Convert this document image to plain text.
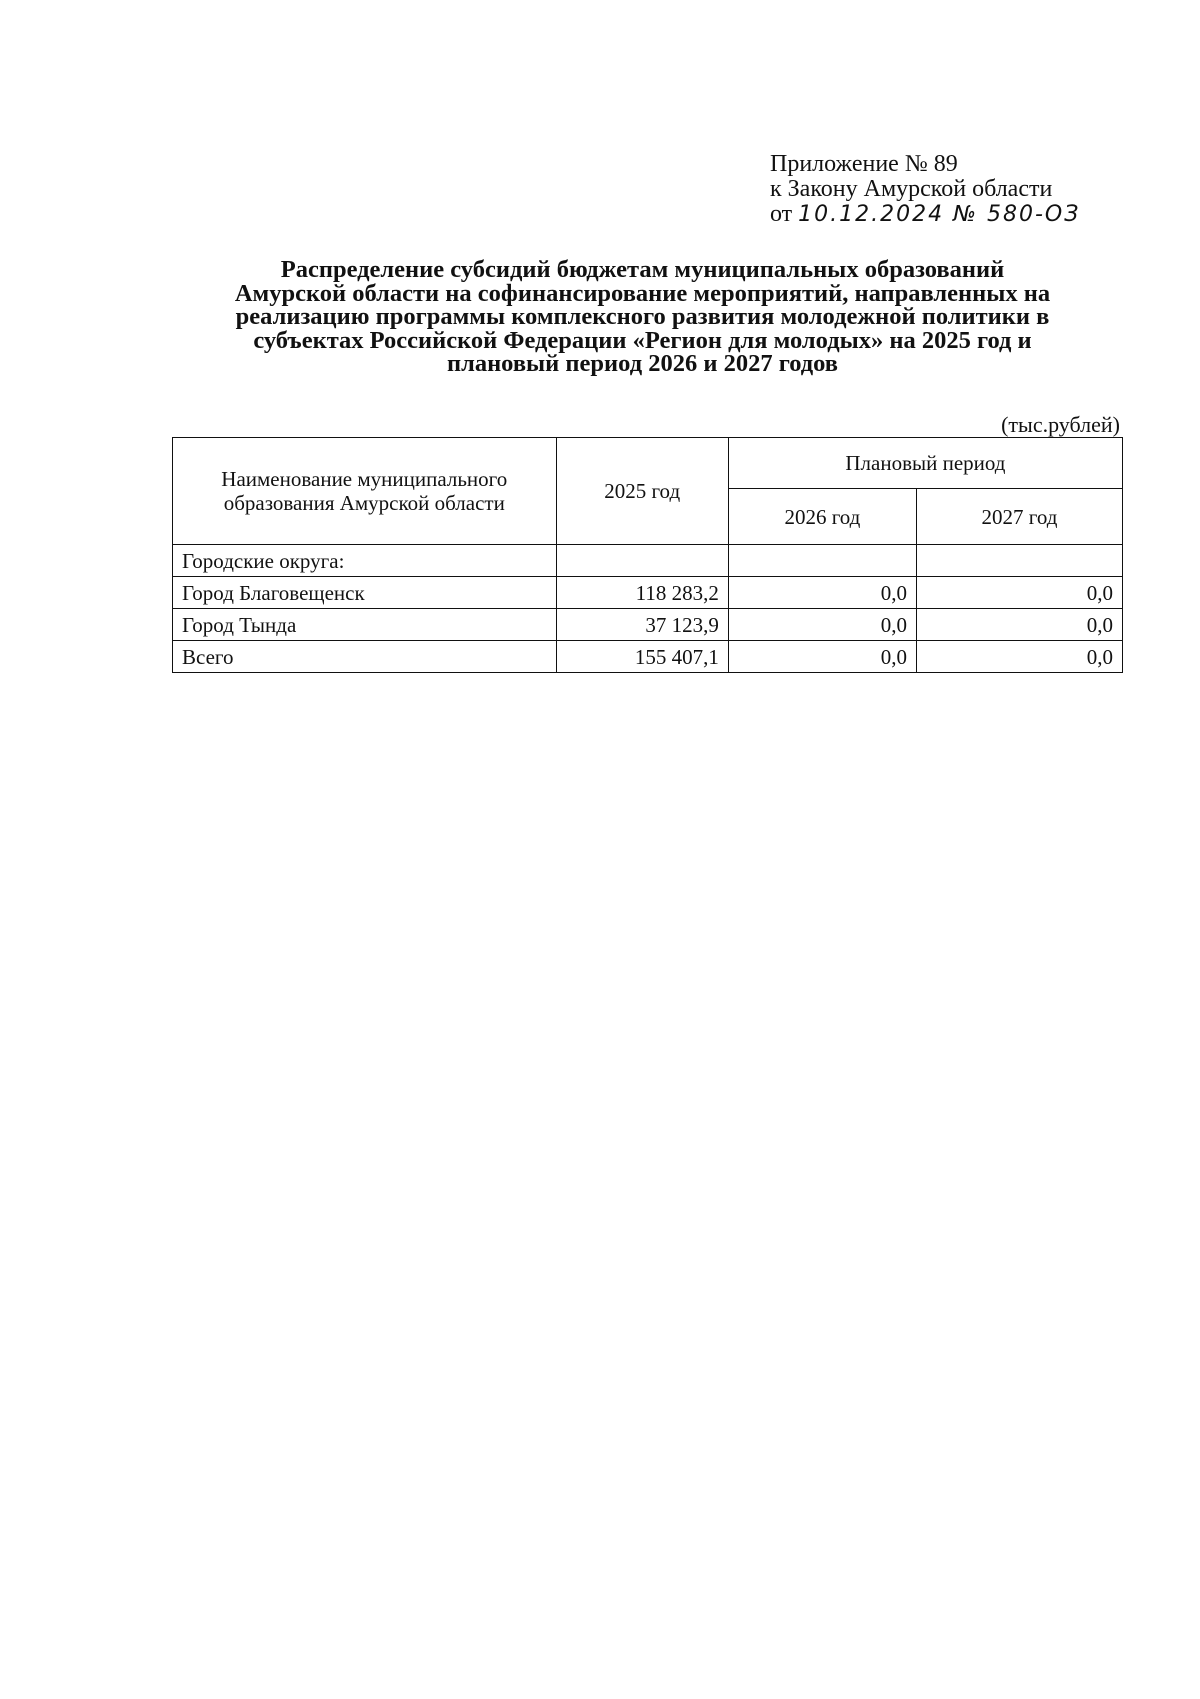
Приложение № 89
к Закону Амурской области
от 10.12.2024 № 580-ОЗ
Распределение субсидий бюджетам муниципальных образований
Амурской области на софинансирование мероприятий, направленных на
реализацию программы комплексного развития молодежной политики в
субъектах Российской Федерации «Регион для молодых» на 2025 год и
плановый период 2026 и 2027 годов
(тыс.рублей)
Наименование муниципального образования Амурской области	2025 год	Плановый период	
		2026 год	2027 год
Городские округа:			
Город Благовещенск	118 283,2	0,0	0,0
Город Тында	37 123,9	0,0	0,0
Всего	155 407,1	0,0	0,0
